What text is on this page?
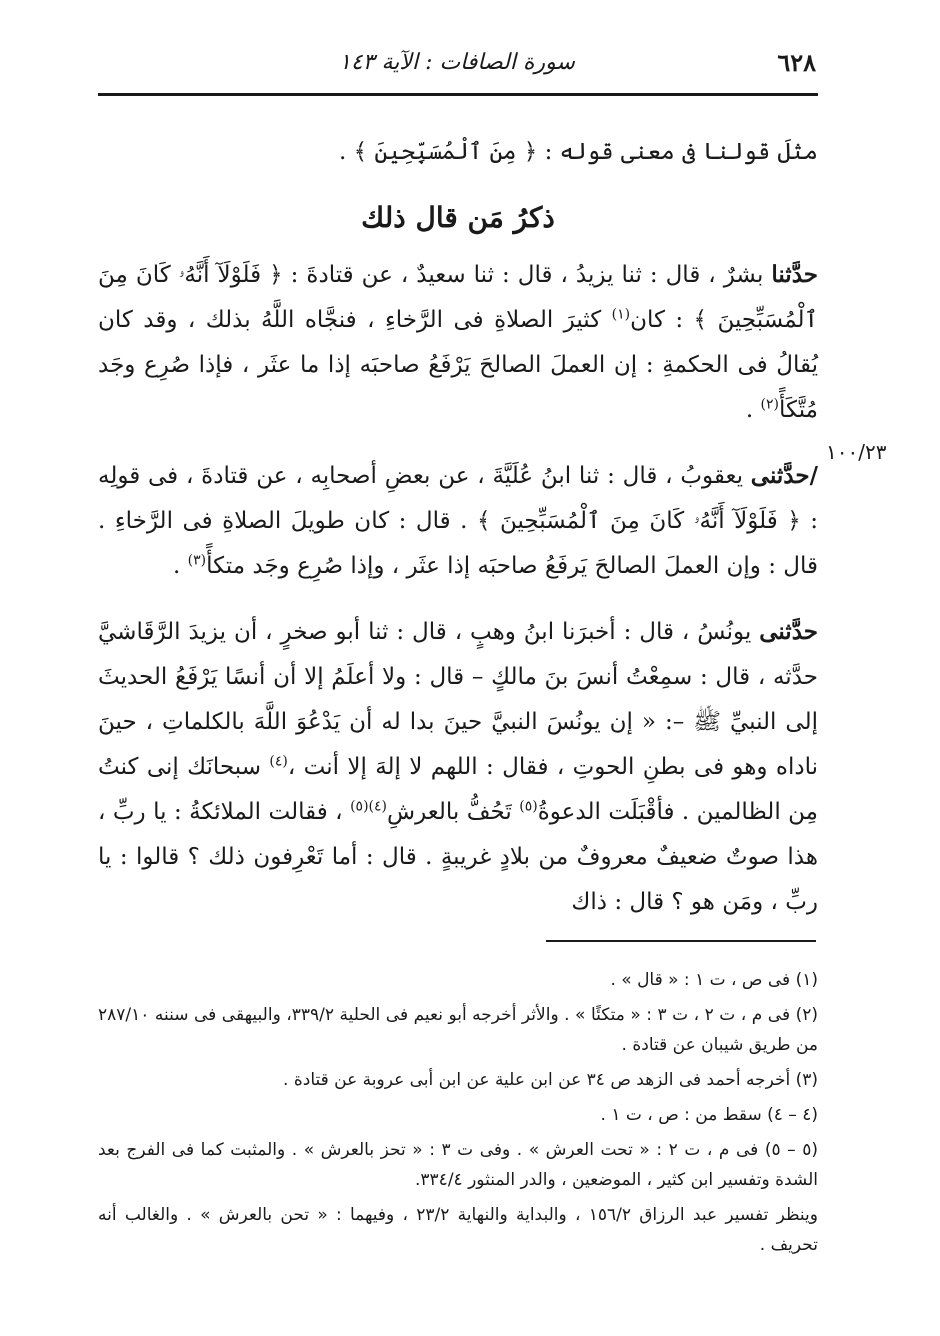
٦٢٨
سورة الصافات : الآية ١٤٣
١٠٠/٢٣

مثلَ قولنا فى معنى قوله : ﴿ مِنَ ٱلْمُسَبِّحِينَ ﴾ .

ذكرُ مَن قال ذلك

حدَّثنا بشرٌ ، قال : ثنا يزيدُ ، قال : ثنا سعيدٌ ، عن قتادةَ : ﴿ فَلَوْلَآ أَنَّهُۥ كَانَ مِنَ ٱلْمُسَبِّحِينَ ﴾ : كان$^{(١)}$ كثيرَ الصلاةِ فى الرَّخاءِ ، فنجَّاه اللَّهُ بذلك ، وقد كان يُقالُ فى الحكمةِ : إن العملَ الصالحَ يَرْفَعُ صاحبَه إذا ما عثَر ، فإذا صُرِع وجَد مُتَّكَأً$^{(٢)}$ .

/حدَّثنى يعقوبُ ، قال : ثنا ابنُ عُلَيَّةَ ، عن بعضِ أصحابِه ، عن قتادةَ ، فى قولِه : ﴿ فَلَوْلَآ أَنَّهُۥ كَانَ مِنَ ٱلْمُسَبِّحِينَ ﴾ . قال : كان طويلَ الصلاةِ فى الرَّخاءِ . قال : وإن العملَ الصالحَ يَرفَعُ صاحبَه إذا عثَر ، وإذا صُرِع وجَد متكأً$^{(٣)}$ .

حدَّثنى يونُسُ ، قال : أخبرَنا ابنُ وهبٍ ، قال : ثنا أبو صخرٍ ، أن يزيدَ الرَّقَاشيَّ حدَّثه ، قال : سمِعْتُ أنسَ بنَ مالكٍ – قال : ولا أعلَمُ إلا أن أنسًا يَرْفَعُ الحديثَ إلى النبيِّ ﷺ –: « إن يونُسَ النبيَّ حينَ بدا له أن يَدْعُوَ اللَّهَ بالكلماتِ ، حينَ ناداه وهو فى بطنِ الحوتِ ، فقال : اللهم لا إلهَ إلا أنت ،$^{(٤)}$ سبحانَك إنى كنتُ مِن الظالمين . فأقْبَلَت الدعوةُ$^{(٥)}$ تَحُفُّ بالعرشِ$^{(٤)(٥)}$ ، فقالت الملائكةُ : يا ربِّ ، هذا صوتٌ ضعيفٌ معروفٌ من بلادٍ غريبةٍ . قال : أما تَعْرِفون ذلك ؟ قالوا : يا ربِّ ، ومَن هو ؟ قال : ذاك

(١) فى ص ، ت ١ : « قال » .

(٢) فى م ، ت ٢ ، ت ٣ : « متكئًا » . والأثر أخرجه أبو نعيم فى الحلية ٣٣٩/٢، والبيهقى فى سننه ٢٨٧/١٠ من طريق شيبان عن قتادة .

(٣) أخرجه أحمد فى الزهد ص ٣٤ عن ابن علية عن ابن أبى عروبة عن قتادة .

(٤ – ٤) سقط من : ص ، ت ١ .

(٥ – ٥) فى م ، ت ٢ : « تحت العرش » . وفى ت ٣ : « تحز بالعرش » . والمثبت كما فى الفرج بعد الشدة وتفسير ابن كثير ، الموضعين ، والدر المنثور ٣٣٤/٤.

وينظر تفسير عبد الرزاق ١٥٦/٢ ، والبداية والنهاية ٢٣/٢ ، وفيهما : « تحن بالعرش » . والغالب أنه تحريف .
